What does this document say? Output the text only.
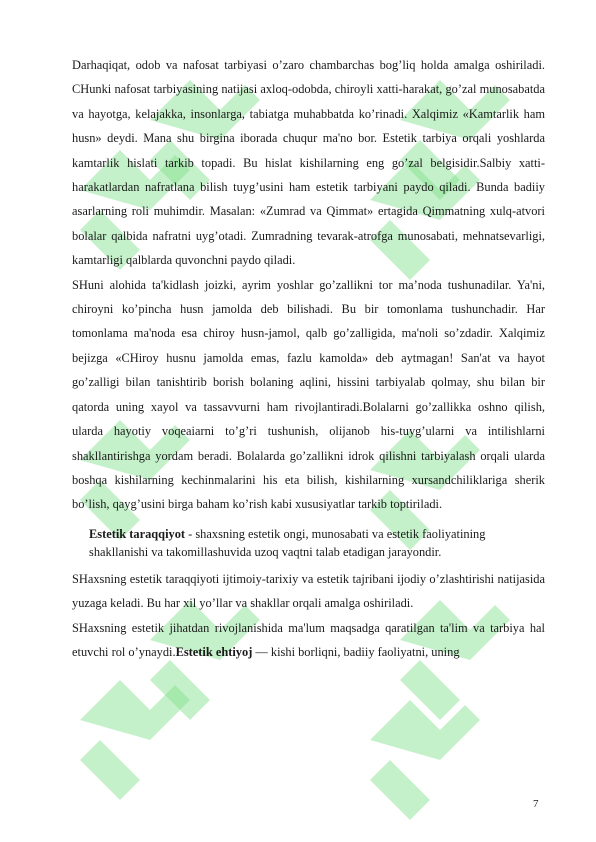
Darhaqiqat, odob va nafosat tarbiyasi o’zaro chambarchas bog’liq holda amalga oshiriladi. CHunki nafosat tarbiyasining natijasi axloq-odobda, chiroyli xatti-harakat, go’zal munosabatda va hayotga, kelajakka, insonlarga, tabiatga muhabbatda ko’rinadi. Xalqimiz «Kamtarlik ham husn» deydi. Mana shu birgina iborada chuqur ma'no bor. Estetik tarbiya orqali yoshlarda kamtarlik hislati tarkib topadi. Bu hislat kishilarning eng go’zal belgisidir.Salbiy xatti-harakatlardan nafratlana bilish tuyg’usini ham estetik tarbiyani paydo qiladi. Bunda badiiy asarlarning roli muhimdir. Masalan: «Zumrad va Qimmat» ertagida Qimmatning xulq-atvori bolalar qalbida nafratni uyg’otadi. Zumradning tevarak-atrofga munosabati, mehnatsevarligi, kamtarligi qalblarda quvonchni paydo qiladi.

SHuni alohida ta'kidlash joizki, ayrim yoshlar go’zallikni tor ma’noda tushunadilar. Ya'ni, chiroyni ko’pincha husn jamolda deb bilishadi. Bu bir tomonlama tushunchadir. Har tomonlama ma'noda esa chiroy husn-jamol, qalb go’zalligida, ma'noli so’zdadir. Xalqimiz bejizga «CHiroy husnu jamolda emas, fazlu kamolda» deb aytmagan! San'at va hayot go’zalligi bilan tanishtirib borish bolaning aqlini, hissini tarbiyalab qolmay, shu bilan bir qatorda uning xayol va tassavvurni ham rivojlantiradi.Bolalarni go’zallikka oshno qilish, ularda hayotiy voqeaiarni to’g’ri tushunish, olijanob his-tuyg’ularni va intilishlarni shakllantirishga yordam beradi. Bolalarda go’zallikni idrok qilishni tarbiyalash orqali ularda boshqa kishilarning kechinmalarini his eta bilish, kishilarning xursandchiliklariga sherik bo’lish, qayg’usini birga baham ko’rish kabi xususiyatlar tarkib toptiriladi.

Estetik taraqqiyot - shaxsning estetik ongi, munosabati va estetik faoliyatining shakllanishi va takomillashuvida uzoq vaqtni talab etadigan jarayondir.

SHaxsning estetik taraqqiyoti ijtimoiy-tarixiy va estetik tajribani ijodiy o’zlashtirishi natijasida yuzaga keladi. Bu har xil yo’llar va shakllar orqali amalga oshiriladi.

SHaxsning estetik jihatdan rivojlanishida ma'lum maqsadga qaratilgan ta'lim va tarbiya hal etuvchi rol o’ynaydi.Estetik ehtiyoj — kishi borliqni, badiiy faoliyatni, uning

7
